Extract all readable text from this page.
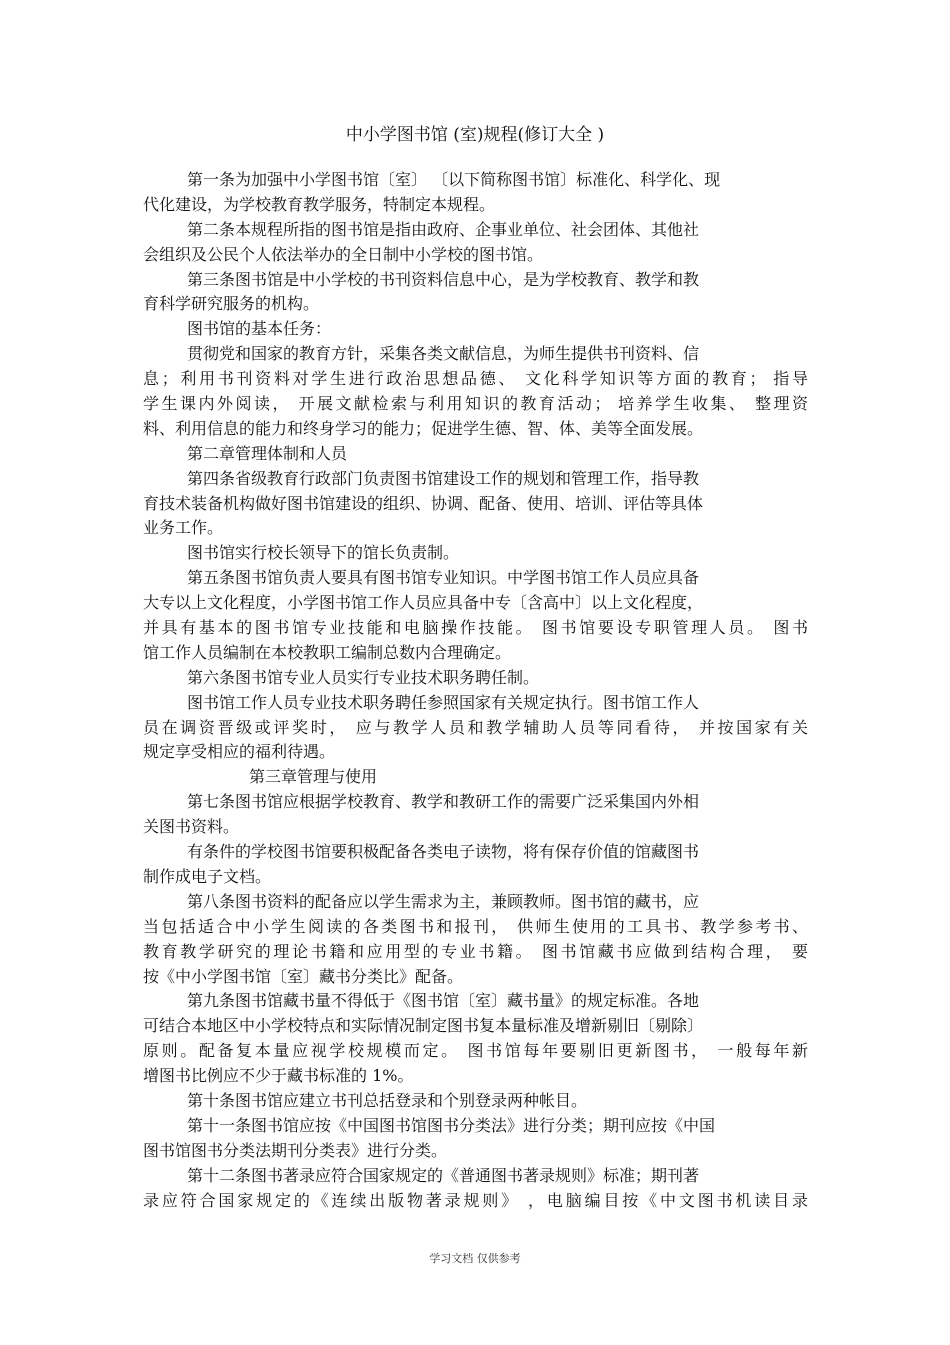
中小学图书馆 (室)规程(修订大全 )
第一条为加强中小学图书馆〔室〕 〔以下简称图书馆〕标准化、科学化、现
代化建设，为学校教育教学服务，特制定本规程。
第二条本规程所指的图书馆是指由政府、企事业单位、社会团体、其他社
会组织及公民个人依法举办的全日制中小学校的图书馆。
第三条图书馆是中小学校的书刊资料信息中心，是为学校教育、教学和教
育科学研究服务的机构。
图书馆的基本任务：
贯彻党和国家的教育方针，采集各类文献信息，为师生提供书刊资料、信
息；利用书刊资料对学生进行政治思想品德、 文化科学知识等方面的教育； 指导
学生课内外阅读， 开展文献检索与利用知识的教育活动； 培养学生收集、 整理资
料、利用信息的能力和终身学习的能力；促进学生德、智、体、美等全面发展。
第二章管理体制和人员
第四条省级教育行政部门负责图书馆建设工作的规划和管理工作，指导教
育技术装备机构做好图书馆建设的组织、协调、配备、使用、培训、评估等具体
业务工作。
图书馆实行校长领导下的馆长负责制。
第五条图书馆负责人要具有图书馆专业知识。中学图书馆工作人员应具备
大专以上文化程度，小学图书馆工作人员应具备中专〔含高中〕以上文化程度，
并具有基本的图书馆专业技能和电脑操作技能。 图书馆要设专职管理人员。 图书
馆工作人员编制在本校教职工编制总数内合理确定。
第六条图书馆专业人员实行专业技术职务聘任制。
图书馆工作人员专业技术职务聘任参照国家有关规定执行。图书馆工作人
员在调资晋级或评奖时， 应与教学人员和教学辅助人员等同看待， 并按国家有关
规定享受相应的福利待遇。
第三章管理与使用
第七条图书馆应根据学校教育、教学和教研工作的需要广泛采集国内外相
关图书资料。
有条件的学校图书馆要积极配备各类电子读物，将有保存价值的馆藏图书
制作成电子文档。
第八条图书资料的配备应以学生需求为主，兼顾教师。图书馆的藏书，应
当包括适合中小学生阅读的各类图书和报刊， 供师生使用的工具书、教学参考书、
教育教学研究的理论书籍和应用型的专业书籍。 图书馆藏书应做到结构合理， 要
按《中小学图书馆〔室〕藏书分类比》配备。
第九条图书馆藏书量不得低于《图书馆〔室〕藏书量》的规定标准。各地
可结合本地区中小学校特点和实际情况制定图书复本量标准及增新剔旧〔剔除〕
原则。配备复本量应视学校规模而定。 图书馆每年要剔旧更新图书， 一般每年新
增图书比例应不少于藏书标准的 1%。
第十条图书馆应建立书刊总括登录和个别登录两种帐目。
第十一条图书馆应按《中国图书馆图书分类法》进行分类；期刊应按《中国
图书馆图书分类法期刊分类表》进行分类。
第十二条图书著录应符合国家规定的《普通图书著录规则》标准；期刊著
录应符合国家规定的《连续出版物著录规则》 ，电脑编目按《中文图书机读目录
学习文档 仅供参考
